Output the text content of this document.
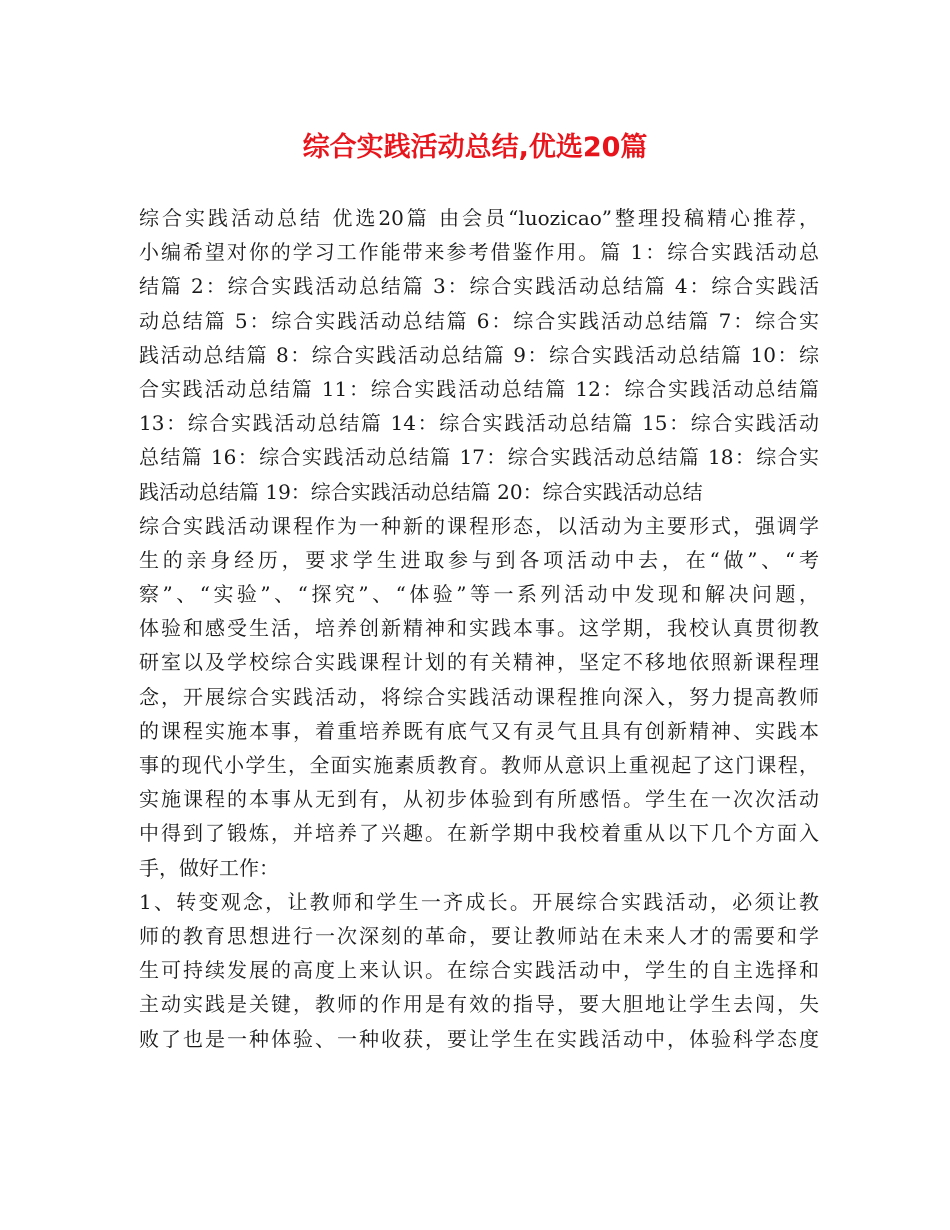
综合实践活动总结,优选20篇
综合实践活动总结 优选20篇 由会员“luozicao”整理投稿精心推荐，
小编希望对你的学习工作能带来参考借鉴作用。篇 1：综合实践活动总
结篇 2：综合实践活动总结篇 3：综合实践活动总结篇 4：综合实践活
动总结篇 5：综合实践活动总结篇 6：综合实践活动总结篇 7：综合实
践活动总结篇 8：综合实践活动总结篇 9：综合实践活动总结篇 10：综
合实践活动总结篇 11：综合实践活动总结篇 12：综合实践活动总结篇
13：综合实践活动总结篇 14：综合实践活动总结篇 15：综合实践活动
总结篇 16：综合实践活动总结篇 17：综合实践活动总结篇 18：综合实
践活动总结篇 19：综合实践活动总结篇 20：综合实践活动总结
综合实践活动课程作为一种新的课程形态，以活动为主要形式，强调学
生的亲身经历，要求学生进取参与到各项活动中去，在“做”、“考
察”、“实验”、“探究”、“体验”等一系列活动中发现和解决问题，
体验和感受生活，培养创新精神和实践本事。这学期，我校认真贯彻教
研室以及学校综合实践课程计划的有关精神，坚定不移地依照新课程理
念，开展综合实践活动，将综合实践活动课程推向深入，努力提高教师
的课程实施本事，着重培养既有底气又有灵气且具有创新精神、实践本
事的现代小学生，全面实施素质教育。教师从意识上重视起了这门课程，
实施课程的本事从无到有，从初步体验到有所感悟。学生在一次次活动
中得到了锻炼，并培养了兴趣。在新学期中我校着重从以下几个方面入
手，做好工作：
1、转变观念，让教师和学生一齐成长。开展综合实践活动，必须让教
师的教育思想进行一次深刻的革命，要让教师站在未来人才的需要和学
生可持续发展的高度上来认识。在综合实践活动中，学生的自主选择和
主动实践是关键，教师的作用是有效的指导，要大胆地让学生去闯，失
败了也是一种体验、一种收获，要让学生在实践活动中，体验科学态度
